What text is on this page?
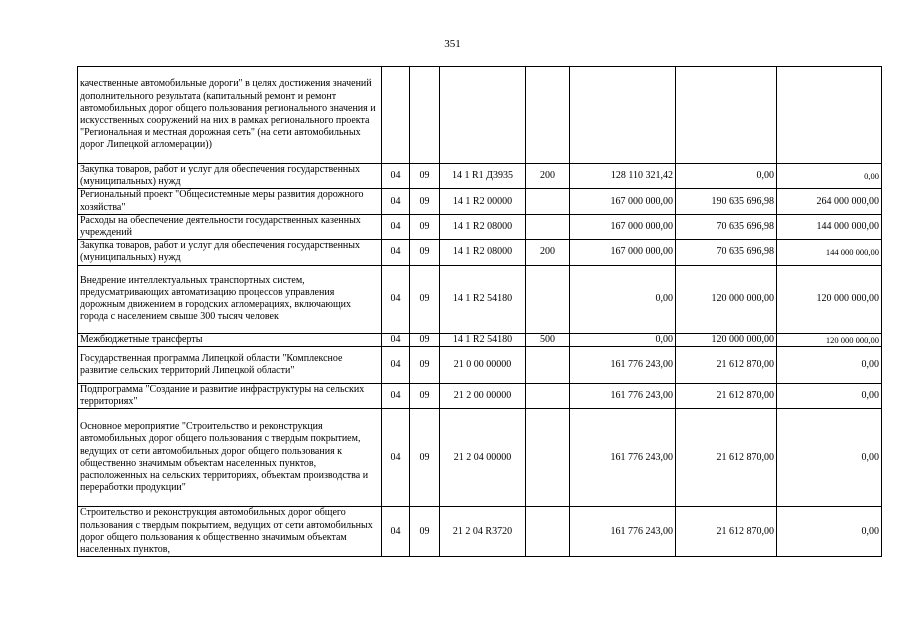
351
качественные автомобильные дороги" в целях достижения значений дополнительного результата (капитальный ремонт и ремонт автомобильных дорог общего пользования регионального значения и искусственных сооружений на них в рамках регионального проекта "Региональная и местная дорожная сеть" (на сети автомобильных дорог Липецкой агломерации))							
Закупка товаров, работ и услуг для обеспечения государственных (муниципальных) нужд	04	09	14 1 R1 Д3935	200	128 110 321,42	0,00	0,00
Региональный проект "Общесистемные меры развития дорожного хозяйства"	04	09	14 1 R2 00000		167 000 000,00	190 635 696,98	264 000 000,00
Расходы на обеспечение деятельности государственных казенных учреждений	04	09	14 1 R2 08000		167 000 000,00	70 635 696,98	144 000 000,00
Закупка товаров, работ и услуг для обеспечения государственных (муниципальных) нужд	04	09	14 1 R2 08000	200	167 000 000,00	70 635 696,98	144 000 000,00
Внедрение интеллектуальных транспортных систем, предусматривающих автоматизацию процессов управления дорожным движением в городских агломерациях, включающих города с населением свыше 300 тысяч человек	04	09	14 1 R2 54180		0,00	120 000 000,00	120 000 000,00
Межбюджетные трансферты	04	09	14 1 R2 54180	500	0,00	120 000 000,00	120 000 000,00
Государственная программа Липецкой области "Комплексное развитие сельских территорий Липецкой области"	04	09	21 0 00 00000		161 776 243,00	21 612 870,00	0,00
Подпрограмма "Создание и развитие инфраструктуры на сельских территориях"	04	09	21 2 00 00000		161 776 243,00	21 612 870,00	0,00
Основное мероприятие "Строительство и реконструкция автомобильных дорог общего пользования с твердым покрытием, ведущих от сети автомобильных дорог общего пользования к общественно значимым объектам населенных пунктов, расположенных на сельских территориях, объектам производства и переработки продукции"	04	09	21 2 04 00000		161 776 243,00	21 612 870,00	0,00
Строительство и реконструкция автомобильных дорог общего пользования с твердым покрытием, ведущих от сети автомобильных дорог общего пользования к общественно значимым объектам населенных пунктов,	04	09	21 2 04 R3720		161 776 243,00	21 612 870,00	0,00
